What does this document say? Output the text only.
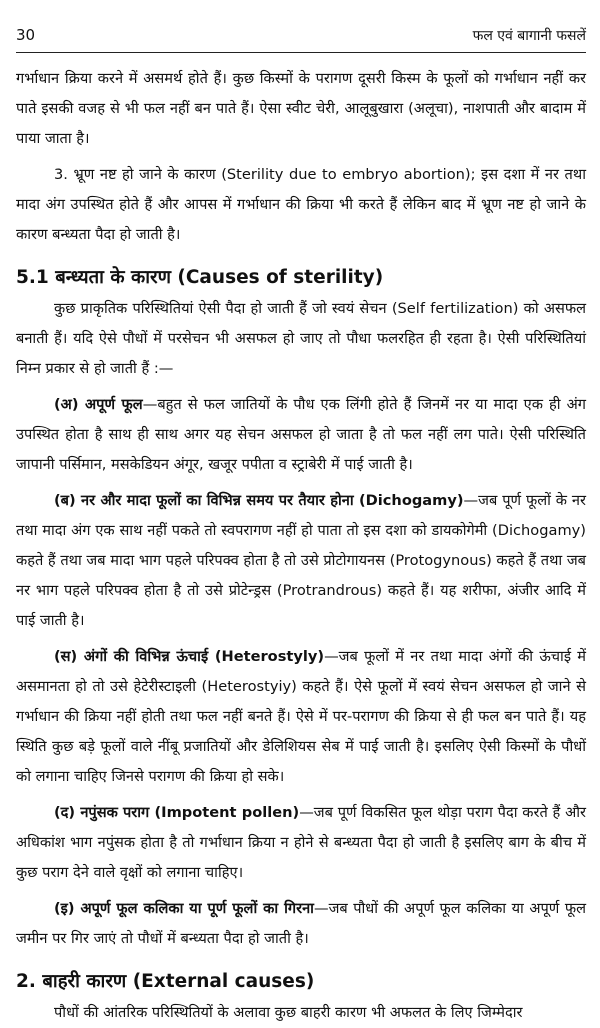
30	फल एवं बागानी फसलें

गर्भाधान क्रिया करने में असमर्थ होते हैं। कुछ किस्मों के परागण दूसरी किस्म के फूलों को गर्भाधान नहीं कर पाते इसकी वजह से भी फल नहीं बन पाते हैं। ऐसा स्वीट चेरी, आलूबुखारा (अलूचा), नाशपाती और बादाम में पाया जाता है।

3. भ्रूण नष्ट हो जाने के कारण (Sterility due to embryo abortion); इस दशा में नर तथा मादा अंग उपस्थित होते हैं और आपस में गर्भाधान की क्रिया भी करते हैं लेकिन बाद में भ्रूण नष्ट हो जाने के कारण बन्ध्यता पैदा हो जाती है।

5.1 बन्ध्यता के कारण (Causes of sterility)

कुछ प्राकृतिक परिस्थितियां ऐसी पैदा हो जाती हैं जो स्वयं सेचन (Self fertilization) को असफल बनाती हैं। यदि ऐसे पौधों में परसेचन भी असफल हो जाए तो पौधा फलरहित ही रहता है। ऐसी परिस्थितियां निम्न प्रकार से हो जाती हैं :—

(अ) अपूर्ण फूल—बहुत से फल जातियों के पौध एक लिंगी होते हैं जिनमें नर या मादा एक ही अंग उपस्थित होता है साथ ही साथ अगर यह सेचन असफल हो जाता है तो फल नहीं लग पाते। ऐसी परिस्थिति जापानी पर्सिमान, मसकेडियन अंगूर, खजूर पपीता व स्ट्राबेरी में पाई जाती है।

(ब) नर और मादा फूलों का विभिन्न समय पर तैयार होना (Dichogamy)—जब पूर्ण फूलों के नर तथा मादा अंग एक साथ नहीं पकते तो स्वपरागण नहीं हो पाता तो इस दशा को डायकोगेमी (Dichogamy) कहते हैं तथा जब मादा भाग पहले परिपक्व होता है तो उसे प्रोटोगायनस (Protogynous) कहते हैं तथा जब नर भाग पहले परिपक्व होता है तो उसे प्रोटेन्ड्रस (Protrandrous) कहते हैं। यह शरीफा, अंजीर आदि में पाई जाती है।

(स) अंगों की विभिन्न ऊंचाई (Heterostyly)—जब फूलों में नर तथा मादा अंगों की ऊंचाई में असमानता हो तो उसे हेटेरीस्टाइली (Heterostyiy) कहते हैं। ऐसे फूलों में स्वयं सेचन असफल हो जाने से गर्भाधान की क्रिया नहीं होती तथा फल नहीं बनते हैं। ऐसे में पर-परागण की क्रिया से ही फल बन पाते हैं। यह स्थिति कुछ बड़े फूलों वाले नींबू प्रजातियों और डेलिशियस सेब में पाई जाती है। इसलिए ऐसी किस्मों के पौधों को लगाना चाहिए जिनसे परागण की क्रिया हो सके।

(द) नपुंसक पराग (Impotent pollen)—जब पूर्ण विकसित फूल थोड़ा पराग पैदा करते हैं और अधिकांश भाग नपुंसक होता है तो गर्भाधान क्रिया न होने से बन्ध्यता पैदा हो जाती है इसलिए बाग के बीच में कुछ पराग देने वाले वृक्षों को लगाना चाहिए।

(इ) अपूर्ण फूल कलिका या पूर्ण फूलों का गिरना—जब पौधों की अपूर्ण फूल कलिका या अपूर्ण फूल जमीन पर गिर जाएं तो पौधों में बन्ध्यता पैदा हो जाती है।

2. बाहरी कारण (External causes)

पौधों की आंतरिक परिस्थितियों के अलावा कुछ बाहरी कारण भी अफलत के लिए जिम्मेदार
